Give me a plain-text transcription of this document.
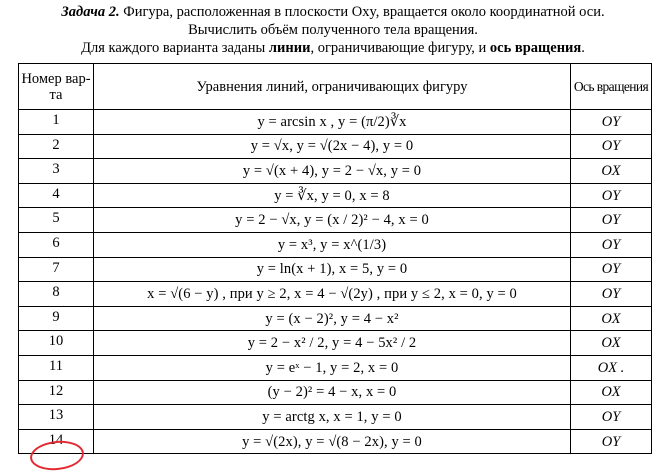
Задача 2. Фигура, расположенная в плоскости Oxy, вращается около координатной оси.
Вычислить объём полученного тела вращения.
Для каждого варианта заданы линии, ограничивающие фигуру, и ось вращения.
Номер вар-та	Уравнения линий, ограничивающих фигуру	Ось вращения
1	y = arcsin x , y = (π/2)∛x	OY
2	y = √x, y = √(2x − 4), y = 0	OY
3	y = √(x + 4), y = 2 − √x, y = 0	OX
4	y = ∛x, y = 0, x = 8	OY
5	y = 2 − √x, y = (x / 2)² − 4, x = 0	OY
6	y = x³, y = x^(1/3)	OY
7	y = ln(x + 1), x = 5, y = 0	OY
8	x = √(6 − y) , при y ≥ 2, x = 4 − √(2y) , при y ≤ 2, x = 0, y = 0	OY
9	y = (x − 2)², y = 4 − x²	OX
10	y = 2 − x² / 2, y = 4 − 5x² / 2	OX
11	y = eˣ − 1, y = 2, x = 0	OX .
12	(y − 2)² = 4 − x, x = 0	OX
13	y = arctg x, x = 1, y = 0	OY
14	y = √(2x), y = √(8 − 2x), y = 0	OY
